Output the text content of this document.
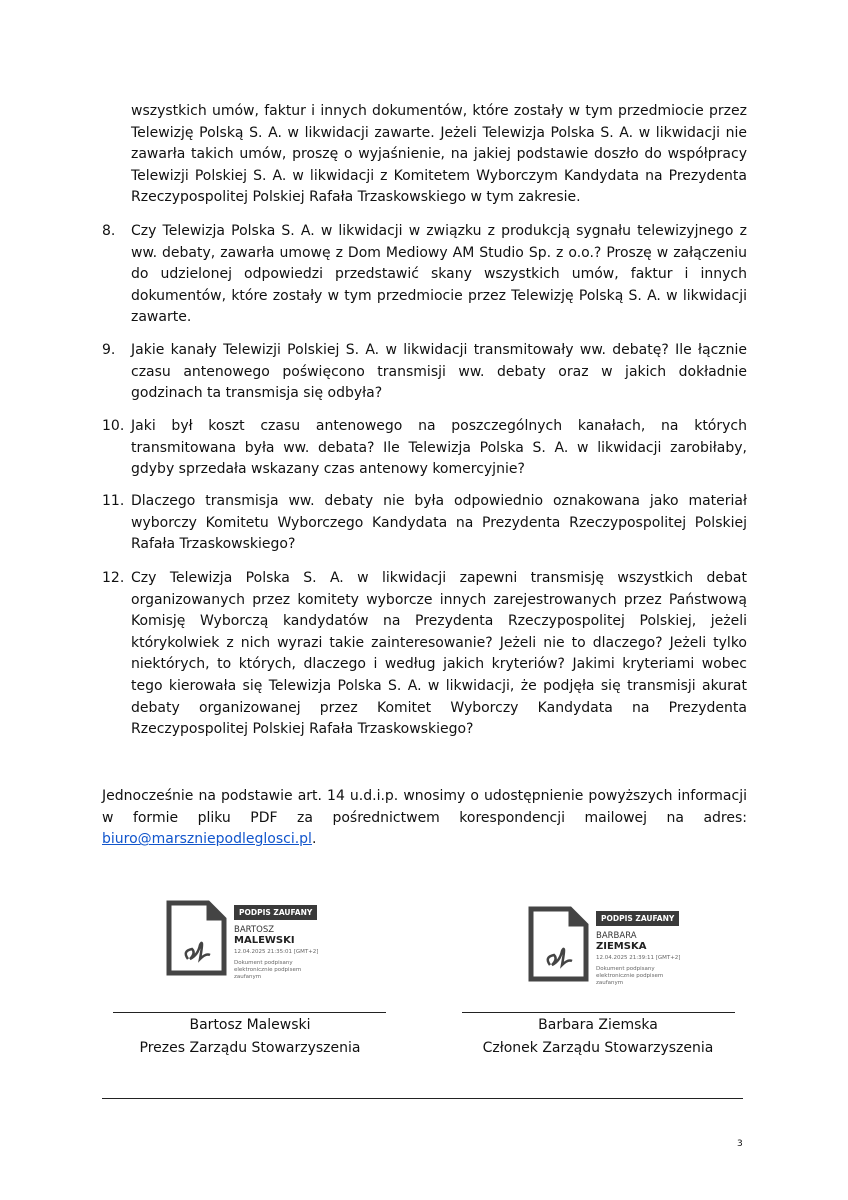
wszystkich umów, faktur i innych dokumentów, które zostały w tym przedmiocie przez Telewizję Polską S. A. w likwidacji zawarte. Jeżeli Telewizja Polska S. A. w likwidacji nie zawarła takich umów, proszę o wyjaśnienie, na jakiej podstawie doszło do współpracy Telewizji Polskiej S. A. w likwidacji z Komitetem Wyborczym Kandydata na Prezydenta Rzeczypospolitej Polskiej Rafała Trzaskowskiego w tym zakresie.
8. Czy Telewizja Polska S. A. w likwidacji w związku z produkcją sygnału telewizyjnego z ww. debaty, zawarła umowę z Dom Mediowy AM Studio Sp. z o.o.? Proszę w załączeniu do udzielonej odpowiedzi przedstawić skany wszystkich umów, faktur i innych dokumentów, które zostały w tym przedmiocie przez Telewizję Polską S. A. w likwidacji zawarte.
9. Jakie kanały Telewizji Polskiej S. A. w likwidacji transmitowały ww. debatę? Ile łącznie czasu antenowego poświęcono transmisji ww. debaty oraz w jakich dokładnie godzinach ta transmisja się odbyła?
10. Jaki był koszt czasu antenowego na poszczególnych kanałach, na których transmitowana była ww. debata? Ile Telewizja Polska S. A. w likwidacji zarobiłaby, gdyby sprzedała wskazany czas antenowy komercyjnie?
11. Dlaczego transmisja ww. debaty nie była odpowiednio oznakowana jako materiał wyborczy Komitetu Wyborczego Kandydata na Prezydenta Rzeczypospolitej Polskiej Rafała Trzaskowskiego?
12. Czy Telewizja Polska S. A. w likwidacji zapewni transmisję wszystkich debat organizowanych przez komitety wyborcze innych zarejestrowanych przez Państwową Komisję Wyborczą kandydatów na Prezydenta Rzeczypospolitej Polskiej, jeżeli którykolwiek z nich wyrazi takie zainteresowanie? Jeżeli nie to dlaczego? Jeżeli tylko niektórych, to których, dlaczego i według jakich kryteriów? Jakimi kryteriami wobec tego kierowała się Telewizja Polska S. A. w likwidacji, że podjęła się transmisji akurat debaty organizowanej przez Komitet Wyborczy Kandydata na Prezydenta Rzeczypospolitej Polskiej Rafała Trzaskowskiego?
Jednocześnie na podstawie art. 14 u.d.i.p. wnosimy o udostępnienie powyższych informacji w formie pliku PDF za pośrednictwem korespondencji mailowej na adres: biuro@marszniepodleglosci.pl.
PODPIS ZAUFANY
BARTOSZ
MALEWSKI
12.04.2025 21:35:01 [GMT+2]
Dokument podpisany elektronicznie podpisem zaufanym
PODPIS ZAUFANY
BARBARA
ZIEMSKA
12.04.2025 21:39:11 [GMT+2]
Dokument podpisany elektronicznie podpisem zaufanym
Bartosz Malewski
Prezes Zarządu Stowarzyszenia
Barbara Ziemska
Członek Zarządu Stowarzyszenia
3
